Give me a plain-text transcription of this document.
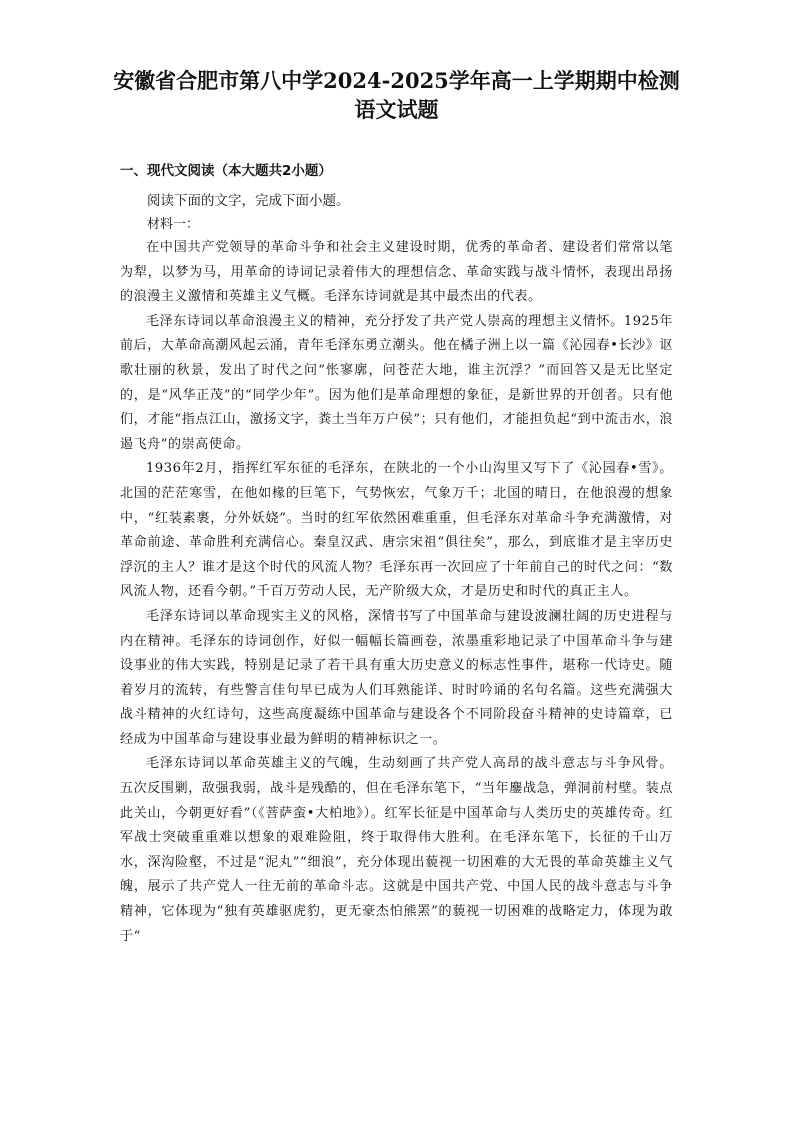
安徽省合肥市第八中学2024-2025学年高一上学期期中检测语文试题
一、现代文阅读（本大题共2小题）
阅读下面的文字，完成下面小题。
材料一：

在中国共产党领导的革命斗争和社会主义建设时期，优秀的革命者、建设者们常常以笔为犁，以梦为马，用革命的诗词记录着伟大的理想信念、革命实践与战斗情怀，表现出昂扬的浪漫主义激情和英雄主义气概。毛泽东诗词就是其中最杰出的代表。

毛泽东诗词以革命浪漫主义的精神，充分抒发了共产党人崇高的理想主义情怀。1925年前后，大革命高潮风起云涌，青年毛泽东勇立潮头。他在橘子洲上以一篇《沁园春•长沙》讴歌壮丽的秋景，发出了时代之问“怅寥廓，问苍茫大地，谁主沉浮？”而回答又是无比坚定的，是“风华正茂”的“同学少年”。因为他们是革命理想的象征，是新世界的开创者。只有他们，才能“指点江山，激扬文字，粪土当年万户侯”；只有他们，才能担负起“到中流击水，浪遏飞舟”的崇高使命。

1936年2月，指挥红军东征的毛泽东，在陕北的一个小山沟里又写下了《沁园春•雪》。北国的茫茫寒雪，在他如椽的巨笔下，气势恢宏，气象万千；北国的晴日，在他浪漫的想象中，“红装素裹，分外妖娆”。当时的红军依然困难重重，但毛泽东对革命斗争充满激情，对革命前途、革命胜利充满信心。秦皇汉武、唐宗宋祖“俱往矣”，那么，到底谁才是主宰历史浮沉的主人？谁才是这个时代的风流人物？毛泽东再一次回应了十年前自己的时代之问：“数风流人物，还看今朝。”千百万劳动人民，无产阶级大众，才是历史和时代的真正主人。

毛泽东诗词以革命现实主义的风格，深情书写了中国革命与建设波澜壮阔的历史进程与内在精神。毛泽东的诗词创作，好似一幅幅长篇画卷，浓墨重彩地记录了中国革命斗争与建设事业的伟大实践，特别是记录了若干具有重大历史意义的标志性事件，堪称一代诗史。随着岁月的流转，有些警言佳句早已成为人们耳熟能详、时时吟诵的名句名篇。这些充满强大战斗精神的火红诗句，这些高度凝练中国革命与建设各个不同阶段奋斗精神的史诗篇章，已经成为中国革命与建设事业最为鲜明的精神标识之一。

毛泽东诗词以革命英雄主义的气魄，生动刻画了共产党人高昂的战斗意志与斗争风骨。五次反围剿，敌强我弱，战斗是残酷的，但在毛泽东笔下，“当年鏖战急，弹洞前村壁。装点此关山，今朝更好看”（《菩萨蛮•大柏地》）。红军长征是中国革命与人类历史的英雄传奇。红军战士突破重重难以想象的艰难险阻，终于取得伟大胜利。在毛泽东笔下，长征的千山万水，深沟险壑，不过是“泥丸”“细浪”，充分体现出藐视一切困难的大无畏的革命英雄主义气魄，展示了共产党人一往无前的革命斗志。这就是中国共产党、中国人民的战斗意志与斗争精神，它体现为“独有英雄驱虎豹，更无豪杰怕熊罴”的藐视一切困难的战略定力，体现为敢于“
